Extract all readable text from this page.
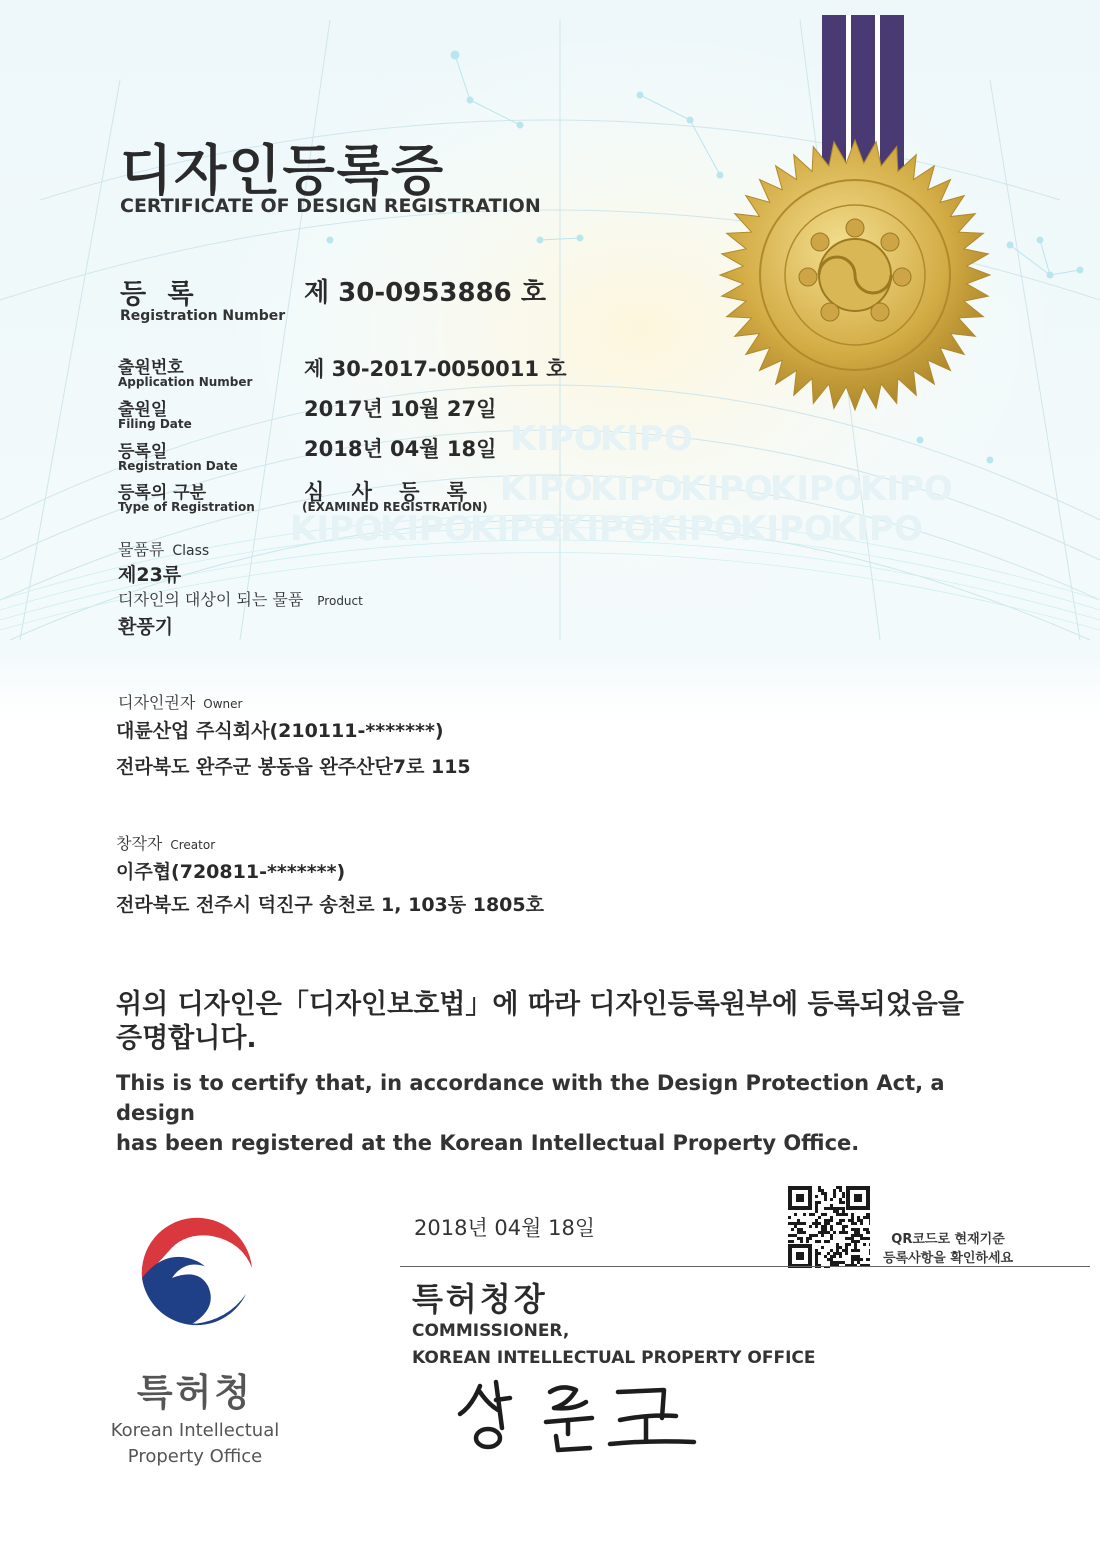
KIPO
KIPO
KIPO
KIPO
KIPO
KIPO
KIPO
KIPO
KIPO
KIPO
KIPO
KIPO
KIPO
KIPO
디자인등록증
CERTIFICATE OF DESIGN REGISTRATION
등 록
Registration Number
제 30-0953886 호
출원번호
Application Number
제 30-2017-0050011 호
출원일
Filing Date
2017년 10월 27일
등록일
Registration Date
2018년 04월 18일
등록의 구분
Type of Registration
심 사 등 록
(EXAMINED REGISTRATION)
물품류 Class
제23류
디자인의 대상이 되는 물품 Product
환풍기
디자인권자 Owner
대륜산업 주식회사(210111-*******)
전라북도 완주군 봉동읍 완주산단7로 115
창작자 Creator
이주협(720811-*******)
전라북도 전주시 덕진구 송천로 1, 103동 1805호
위의 디자인은「디자인보호법」에 따라 디자인등록원부에 등록되었음을
증명합니다.
This is to certify that, in accordance with the Design Protection Act, a design
has been registered at the Korean Intellectual Property Office.
2018년 04월 18일	QR코드로 현재기준
등록사항을 확인하세요
특허청장
COMMISSIONER,
KOREAN INTELLECTUAL PROPERTY OFFICE
특허청
Korean Intellectual
Property Office
